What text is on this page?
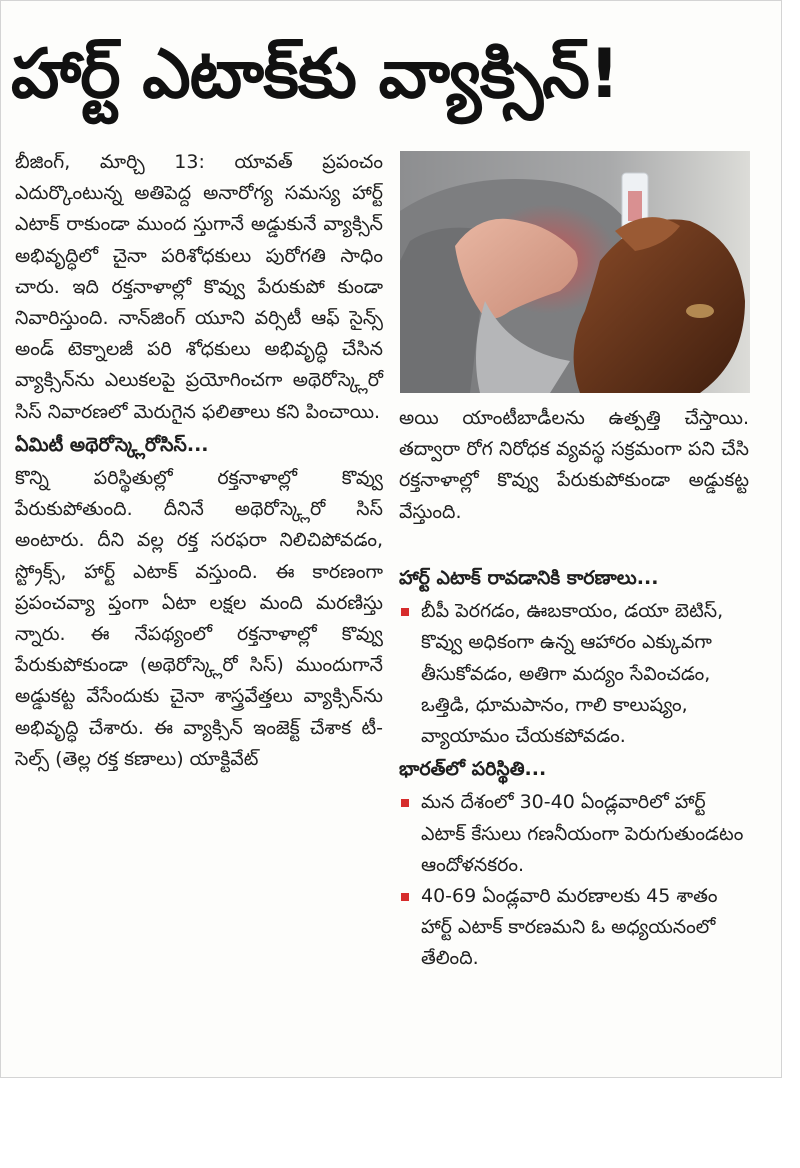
హార్ట్ ఎటాక్‌కు వ్యాక్సిన్!

బీజింగ్, మార్చి 13: యావత్ ప్రపంచం ఎదుర్కొంటున్న అతిపెద్ద అనారోగ్య సమస్య హార్ట్ ఎటాక్ రాకుండా ముంద స్తుగానే అడ్డుకునే వ్యాక్సిన్ అభివృద్ధిలో చైనా పరిశోధకులు పురోగతి సాధిం చారు. ఇది రక్తనాళాల్లో కొవ్వు పేరుకుపో కుండా నివారిస్తుంది. నాన్‌జింగ్ యూని వర్సిటీ ఆఫ్ సైన్స్ అండ్ టెక్నాలజీ పరి శోధకులు అభివృద్ధి చేసిన వ్యాక్సిన్‌ను ఎలుకలపై ప్రయోగించగా అథెరోస్క్లెరో సిస్ నివారణలో మెరుగైన ఫలితాలు కని పించాయి.

ఏమిటీ అథెరోస్క్లెరోసిస్...

కొన్ని పరిస్థితుల్లో రక్తనాళాల్లో కొవ్వు పేరుకుపోతుంది. దీనినే అథెరోస్క్లెరో సిస్ అంటారు. దీని వల్ల రక్త సరఫరా నిలిచిపోవడం, స్ట్రోక్స్, హార్ట్ ఎటాక్ వస్తుంది. ఈ కారణంగా ప్రపంచవ్యా ప్తంగా ఏటా లక్షల మంది మరణిస్తు న్నారు. ఈ నేపథ్యంలో రక్తనాళాల్లో కొవ్వు పేరుకుపోకుండా (అథెరోస్క్లెరో సిస్) ముందుగానే అడ్డుకట్ట వేసేందుకు చైనా శాస్త్రవేత్తలు వ్యాక్సిన్‌ను అభివృద్ధి చేశారు. ఈ వ్యాక్సిన్ ఇంజెక్ట్ చేశాక టీ-సెల్స్ (తెల్ల రక్త కణాలు) యాక్టివేట్

అయి యాంటీబాడీలను ఉత్పత్తి చేస్తాయి. తద్వారా రోగ నిరోధక వ్యవస్థ సక్రమంగా పని చేసి రక్తనాళాల్లో కొవ్వు పేరుకుపోకుండా అడ్డుకట్ట వేస్తుంది.

హార్ట్ ఎటాక్ రావడానికి కారణాలు...

బీపీ పెరగడం, ఊబకాయం, డయా బెటిస్, కొవ్వు అధికంగా ఉన్న ఆహారం ఎక్కువగా తీసుకోవడం, అతిగా మద్యం సేవించడం, ఒత్తిడి, ధూమపానం, గాలి కాలుష్యం, వ్యాయామం చేయకపోవడం.

భారత్‌లో పరిస్థితి...

మన దేశంలో 30-40 ఏండ్లవారిలో హార్ట్ ఎటాక్ కేసులు గణనీయంగా పెరుగుతుండటం ఆందోళనకరం.
40-69 ఏండ్లవారి మరణాలకు 45 శాతం హార్ట్ ఎటాక్ కారణమని ఓ అధ్యయనంలో తేలింది.
